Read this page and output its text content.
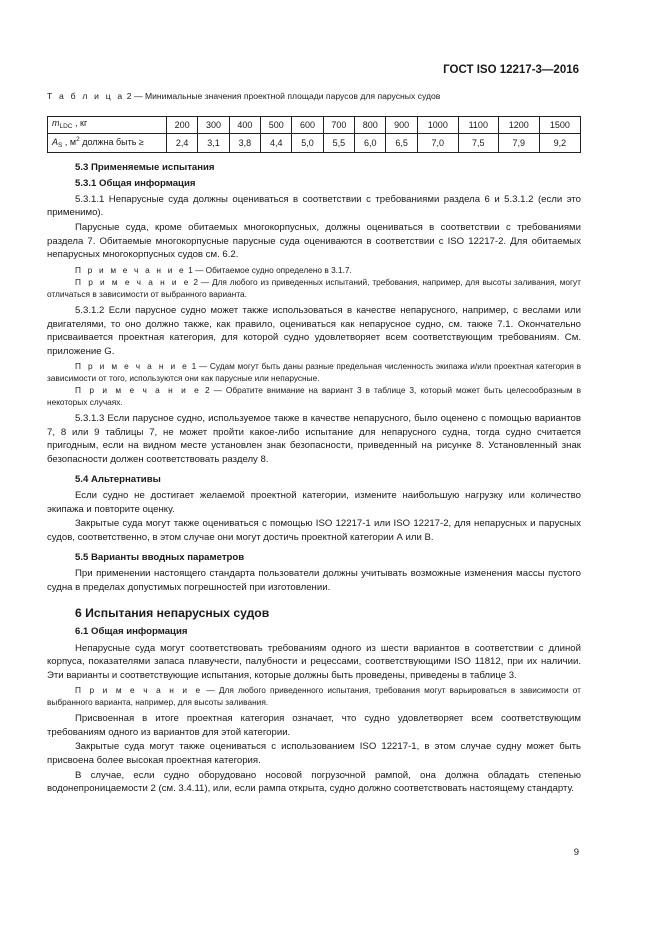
ГОСТ ISO 12217-3—2016
Т а б л и ц а 2 — Минимальные значения проектной площади парусов для парусных судов
$m_{LDC}$ , кг	200	300	400	500	600	700	800	900	1000	1100	1200	1500
$A_S$ , $м^2$ должна быть ≥	2,4	3,1	3,8	4,4	5,0	5,5	6,0	6,5	7,0	7,5	7,9	9,2
5.3 Применяемые испытания
5.3.1 Общая информация

5.3.1.1 Непарусные суда должны оцениваться в соответствии с требованиями раздела 6 и 5.3.1.2 (если это применимо).

Парусные суда, кроме обитаемых многокорпусных, должны оцениваться в соответствии с требованиями раздела 7. Обитаемые многокорпусные парусные суда оцениваются в соответствии с ISO 12217-2. Для обитаемых непарусных многокорпусных судов см. 6.2.

П р и м е ч а н и е 1 — Обитаемое судно определено в 3.1.7.

П р и м е ч а н и е 2 — Для любого из приведенных испытаний, требования, например, для высоты заливания, могут отличаться в зависимости от выбранного варианта.

5.3.1.2 Если парусное судно может также использоваться в качестве непарусного, например, с веслами или двигателями, то оно должно также, как правило, оцениваться как непарусное судно, см. также 7.1. Окончательно присваивается проектная категория, для которой судно удовлетворяет всем соответствующим требованиям. См. приложение G.

П р и м е ч а н и е 1 — Судам могут быть даны разные предельная численность экипажа и/или проектная категория в зависимости от того, используются они как парусные или непарусные.

П р и м е ч а н и е 2 — Обратите внимание на вариант 3 в таблице 3, который может быть целесообразным в некоторых случаях.

5.3.1.3 Если парусное судно, используемое также в качестве непарусного, было оценено с помощью вариантов 7, 8 или 9 таблицы 7, не может пройти какое-либо испытание для непарусного судна, тогда судно считается пригодным, если на видном месте установлен знак безопасности, приведенный на рисунке 8. Установленный знак безопасности должен соответствовать разделу 8.

5.4 Альтернативы

Если судно не достигает желаемой проектной категории, измените наибольшую нагрузку или количество экипажа и повторите оценку.

Закрытые суда могут также оцениваться с помощью ISO 12217-1 или ISO 12217-2, для непарусных и парусных судов, соответственно, в этом случае они могут достичь проектной категории А или В.

5.5 Варианты вводных параметров

При применении настоящего стандарта пользователи должны учитывать возможные изменения массы пустого судна в пределах допустимых погрешностей при изготовлении.

6 Испытания непарусных судов
6.1 Общая информация

Непарусные суда могут соответствовать требованиям одного из шести вариантов в соответствии с длиной корпуса, показателями запаса плавучести, палубности и рецессами, соответствующими ISO 11812, при их наличии. Эти варианты и соответствующие испытания, которые должны быть проведены, приведены в таблице 3.

П р и м е ч а н и е — Для любого приведенного испытания, требования могут варьироваться в зависимости от выбранного варианта, например, для высоты заливания.

Присвоенная в итоге проектная категория означает, что судно удовлетворяет всем соответствующим требованиям одного из вариантов для этой категории.

Закрытые суда могут также оцениваться с использованием ISO 12217-1, в этом случае судну может быть присвоена более высокая проектная категория.

В случае, если судно оборудовано носовой погрузочной рампой, она должна обладать степенью водонепроницаемости 2 (см. 3.4.11), или, если рампа открыта, судно должно соответствовать настоящему стандарту.

9
